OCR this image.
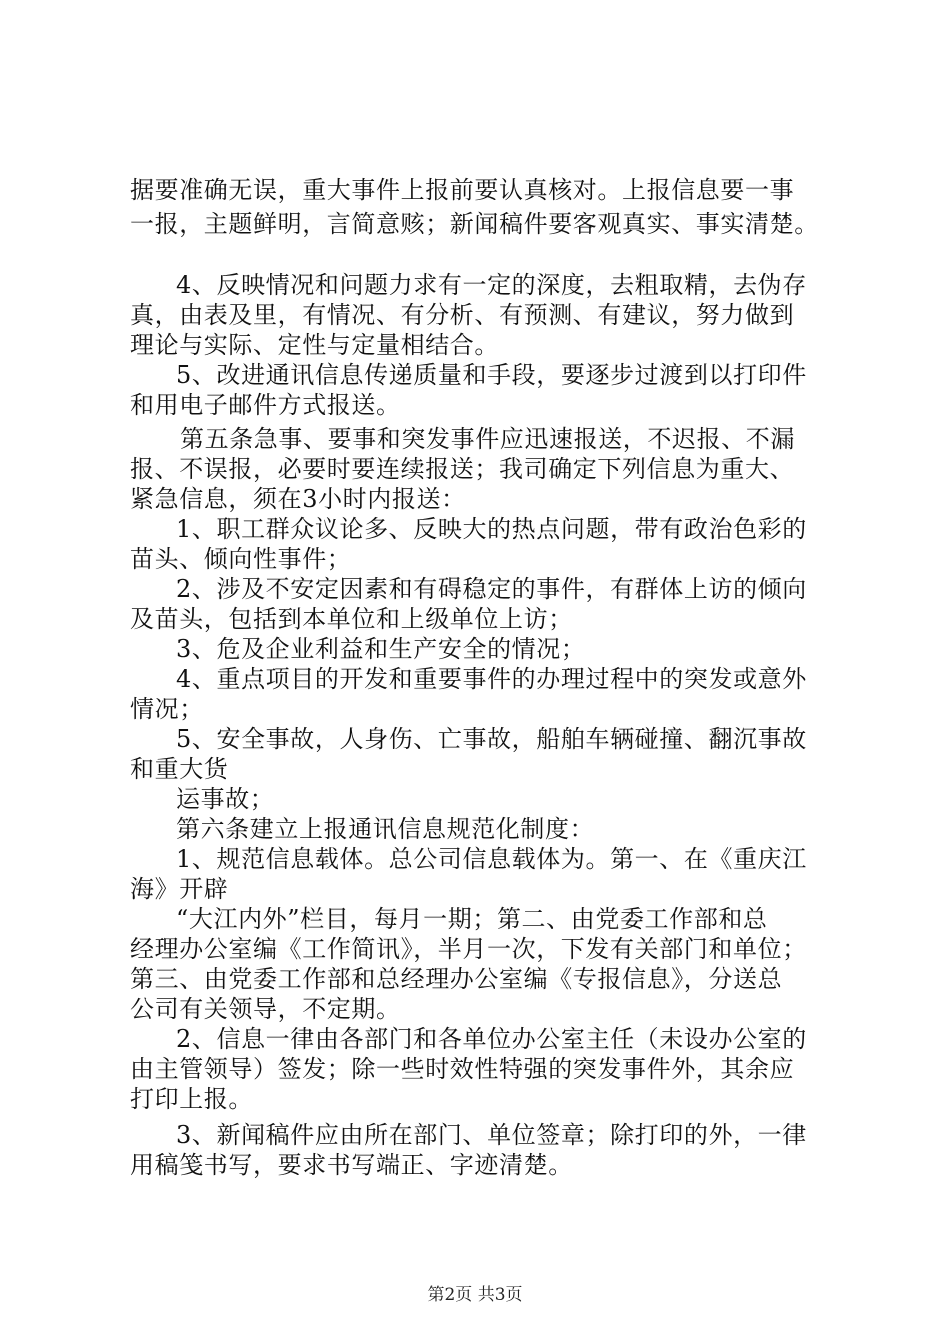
据要准确无误，重大事件上报前要认真核对。上报信息要一事

一报，主题鲜明，言简意赅；新闻稿件要客观真实、事实清楚。

4、反映情况和问题力求有一定的深度，去粗取精，去伪存

真，由表及里，有情况、有分析、有预测、有建议，努力做到

理论与实际、定性与定量相结合。

5、改进通讯信息传递质量和手段，要逐步过渡到以打印件

和用电子邮件方式报送。

第五条急事、要事和突发事件应迅速报送，不迟报、不漏

报、不误报，必要时要连续报送；我司确定下列信息为重大、

紧急信息，须在3小时内报送：

1、职工群众议论多、反映大的热点问题，带有政治色彩的

苗头、倾向性事件；

2、涉及不安定因素和有碍稳定的事件，有群体上访的倾向

及苗头，包括到本单位和上级单位上访；

3、危及企业利益和生产安全的情况；

4、重点项目的开发和重要事件的办理过程中的突发或意外

情况；

5、安全事故，人身伤、亡事故，船舶车辆碰撞、翻沉事故

和重大货

运事故；

第六条建立上报通讯信息规范化制度：

1、规范信息载体。总公司信息载体为。第一、在《重庆江

海》开辟

“大江内外”栏目，每月一期；第二、由党委工作部和总

经理办公室编《工作简讯》，半月一次，下发有关部门和单位；

第三、由党委工作部和总经理办公室编《专报信息》，分送总

公司有关领导，不定期。

2、信息一律由各部门和各单位办公室主任（未设办公室的

由主管领导）签发；除一些时效性特强的突发事件外，其余应

打印上报。

3、新闻稿件应由所在部门、单位签章；除打印的外，一律

用稿笺书写，要求书写端正、字迹清楚。

第2页 共3页
